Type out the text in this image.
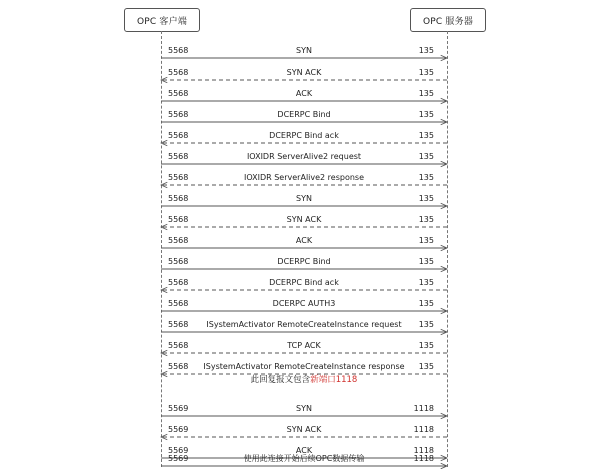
OPC 客户端	OPC 服务器
SYN
5568	135
SYN ACK
5568	135
ACK
5568	135
DCERPC Bind
5568	135
DCERPC Bind ack
5568	135
IOXIDR ServerAlive2 request
5568	135
IOXIDR ServerAlive2 response
5568	135
SYN
5568	135
SYN ACK
5568	135
ACK
5568	135
DCERPC Bind
5568	135
DCERPC Bind ack
5568	135
DCERPC AUTH3
5568	135
ISystemActivator RemoteCreateInstance request
5568	135
TCP ACK
5568	135
ISystemActivator RemoteCreateInstance response
5568	135
SYN
5569	1118
SYN ACK
5569	1118
ACK
5569	1118
使用此连接开始后续OPC数据传输
5569	1118
此回复报文包含新端口1118
